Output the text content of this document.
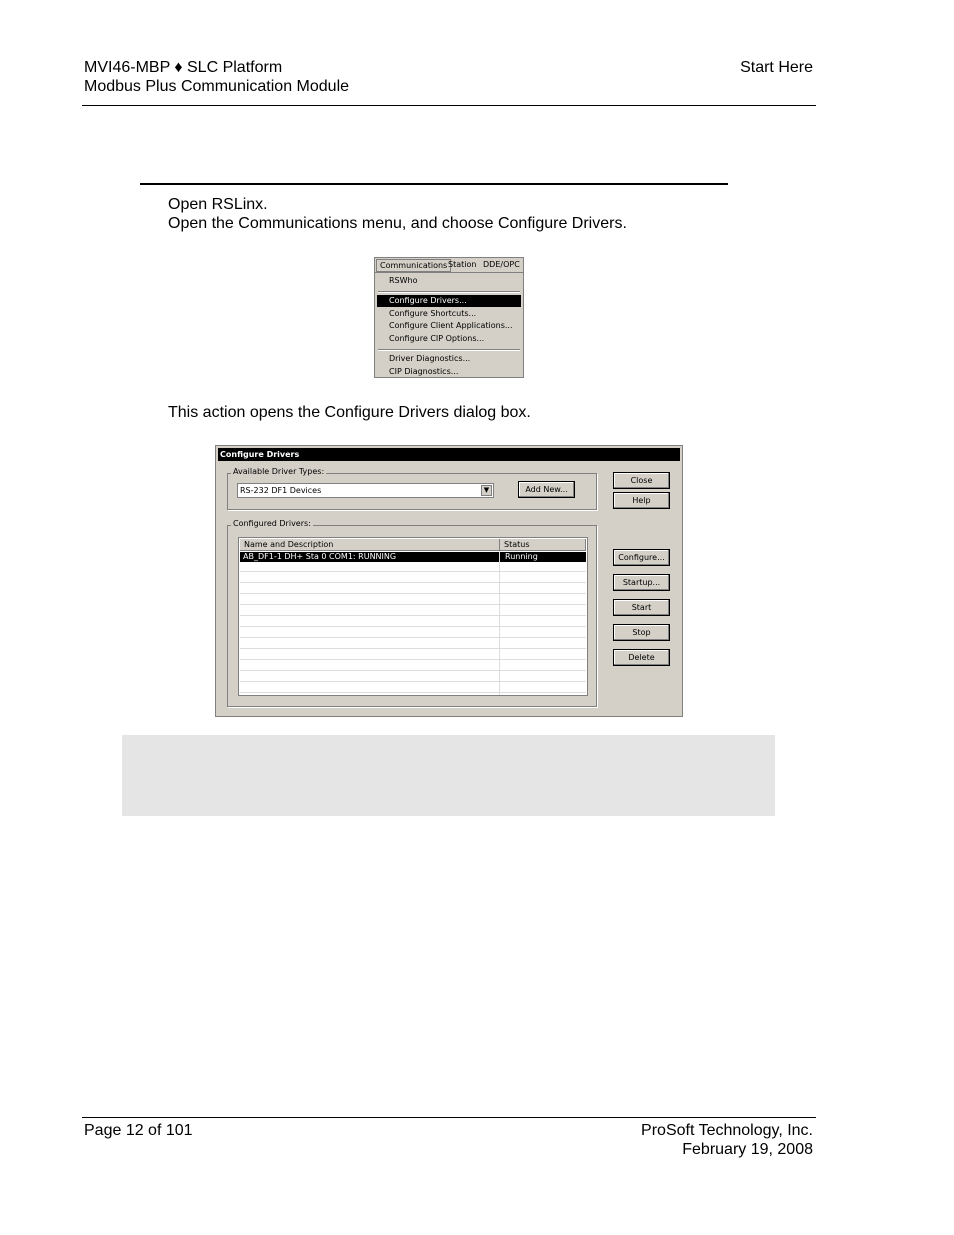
MVI46-MBP ♦ SLC Platform
Modbus Plus Communication Module
Start Here
Open RSLinx.
Open the Communications menu, and choose Configure Drivers.
Communications Station DDE/OPC
RSWho
Configure Drivers...
Configure Shortcuts...
Configure Client Applications...
Configure CIP Options...
Driver Diagnostics...
CIP Diagnostics...
This action opens the Configure Drivers dialog box.
Configure Drivers
Available Driver Types:
RS-232 DF1 Devices	▼	Add New...
Configured Drivers:
Name and Description	Status
AB_DF1-1 DH+ Sta 0 COM1: RUNNING	Running
Close
Help
Configure...
Startup...
Start
Stop
Delete
Page 12 of 101	ProSoft Technology, Inc.
February 19, 2008
